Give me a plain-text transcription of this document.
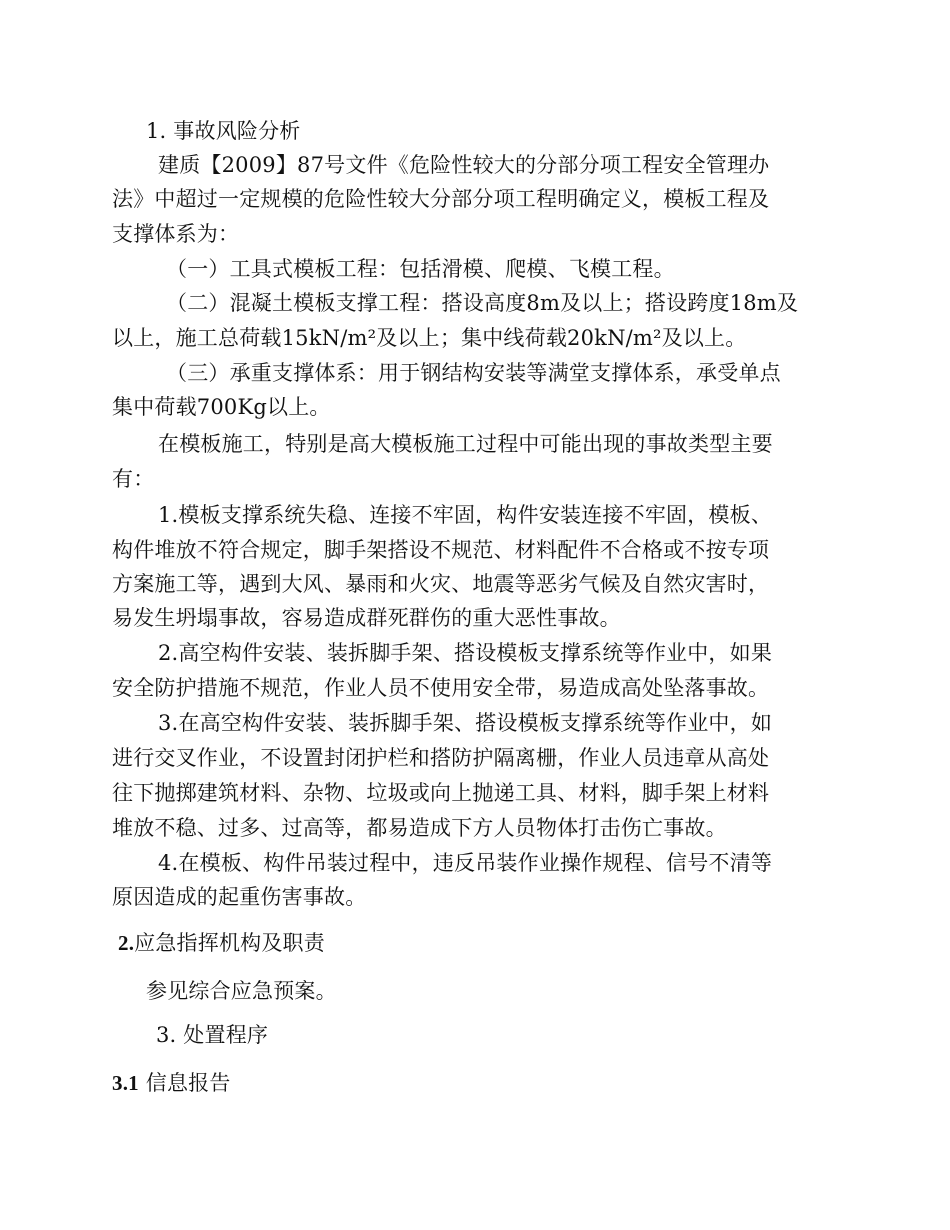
1. 事故风险分析
建质【2009】87号文件《危险性较大的分部分项工程安全管理办
法》中超过一定规模的危险性较大分部分项工程明确定义，模板工程及
支撑体系为：
（一）工具式模板工程：包括滑模、爬模、飞模工程。
（二）混凝土模板支撑工程：搭设高度8m及以上；搭设跨度18m及
以上，施工总荷载15kN/m²及以上；集中线荷载20kN/m²及以上。
（三）承重支撑体系：用于钢结构安装等满堂支撑体系，承受单点
集中荷载700Kg以上。
在模板施工，特别是高大模板施工过程中可能出现的事故类型主要
有：
1.模板支撑系统失稳、连接不牢固，构件安装连接不牢固，模板、
构件堆放不符合规定，脚手架搭设不规范、材料配件不合格或不按专项
方案施工等，遇到大风、暴雨和火灾、地震等恶劣气候及自然灾害时，
易发生坍塌事故，容易造成群死群伤的重大恶性事故。
2.高空构件安装、装拆脚手架、搭设模板支撑系统等作业中，如果
安全防护措施不规范，作业人员不使用安全带，易造成高处坠落事故。
3.在高空构件安装、装拆脚手架、搭设模板支撑系统等作业中，如
进行交叉作业，不设置封闭护栏和搭防护隔离栅，作业人员违章从高处
往下抛掷建筑材料、杂物、垃圾或向上抛递工具、材料，脚手架上材料
堆放不稳、过多、过高等，都易造成下方人员物体打击伤亡事故。
4.在模板、构件吊装过程中，违反吊装作业操作规程、信号不清等
原因造成的起重伤害事故。
2.应急指挥机构及职责
参见综合应急预案。
3. 处置程序
3.1 信息报告
